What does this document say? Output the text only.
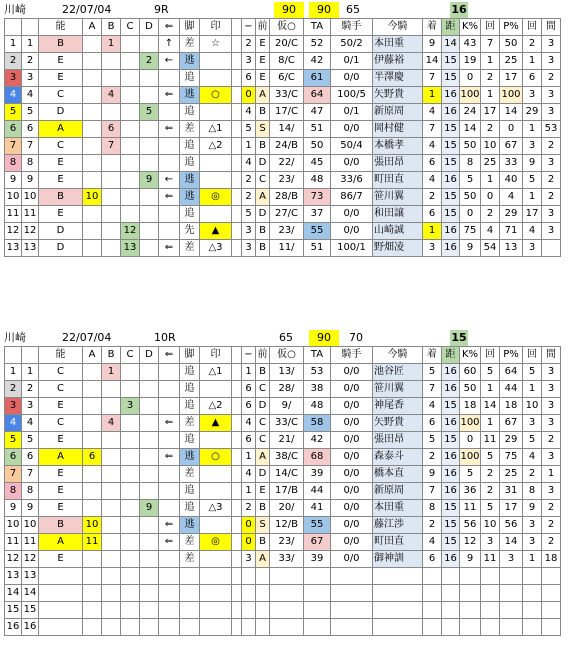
川崎	22/07/04	9R	90	90	65	16
		能	A	B	C	D	⇐	脚	印		−	前	仮○	TA	騎手	今騎	着	距	K%	回	P%	回	間
1	1	B		1			↑	差	☆		2	E	20/C	52	50/2	本田重	9	14	43	7	50	2	3
2	2	E				2	←	逃			3	E	8/C	42	0/1	伊藤裕	14	15	19	1	25	1	3
3	3	E						追			6	E	6/C	61	0/0	半澤慶	7	15	0	2	17	6	2
4	4	C		4			⇐	逃	○		0	A	33/C	64	100/5	矢野貴	1	16	100	1	100	3	3
5	5	D				5		追			4	B	17/C	47	0/1	新原周	4	16	24	17	14	29	3
6	6	A		6			⇐	差	△1		5	S	14/	51	0/0	岡村健	7	15	14	2	0	1	53
7	7	C		7				追	△2		1	B	24/B	50	50/4	本橋孝	4	15	50	10	67	3	2
8	8	E						追			4	D	22/	45	0/0	張田昂	6	15	8	25	33	9	3
9	9	E				9	←	逃			2	C	23/	48	33/6	町田直	4	16	5	1	40	5	2
10	10	B	10				⇐	逃	◎		2	A	28/B	73	86/7	笹川翼	2	15	50	0	4	1	2
11	11	E						追			5	D	27/C	37	0/0	和田譲	6	15	0	2	29	17	3
12	12	D			12			先	▲		3	B	23/	55	0/0	山崎誠	1	16	75	4	71	4	3
13	13	D			13		⇐	差	△3		3	B	11/	51	100/1	野畑凌	3	16	9	54	13	3	
川崎	22/07/04	10R	65	90	70	15
		能	A	B	C	D	⇐	脚	印		−	前	仮○	TA	騎手	今騎	着	距	K%	回	P%	回	間
1	1	C		1				追	△1		1	B	13/	53	0/0	池谷匠	5	16	60	5	64	5	3
2	2	C						追			6	C	28/	38	0/0	笹川翼	7	16	50	1	44	1	3
3	3	E			3			追	△2		6	D	9/	48	0/0	神尾香	4	15	18	14	18	10	3
4	4	C		4			⇐	差	▲		4	C	33/C	58	0/0	矢野貴	6	16	100	1	67	3	3
5	5	E						追			6	C	21/	42	0/0	張田昂	5	15	0	11	29	5	2
6	6	A	6				⇐	逃	○		1	A	38/C	68	0/0	森泰斗	2	16	100	5	75	4	3
7	7	E						差			4	D	14/C	39	0/0	橋本直	9	16	5	2	25	2	1
8	8	E						追			1	E	17/B	44	0/0	新原周	7	16	36	2	31	8	3
9	9	E				9		追	△3		2	B	20/	41	0/0	本田重	8	15	11	5	17	9	2
10	10	B	10				⇐	逃			0	S	12/B	55	0/0	藤江渉	2	15	56	10	56	3	2
11	11	A	11				⇐	差	◎		0	B	23/	67	0/0	町田直	4	15	12	3	14	3	2
12	12	E						差			3	A	33/	39	0/0	御神訓	6	16	9	11	3	1	18
13	13																						
14	14																						
15	15																						
16	16																						
